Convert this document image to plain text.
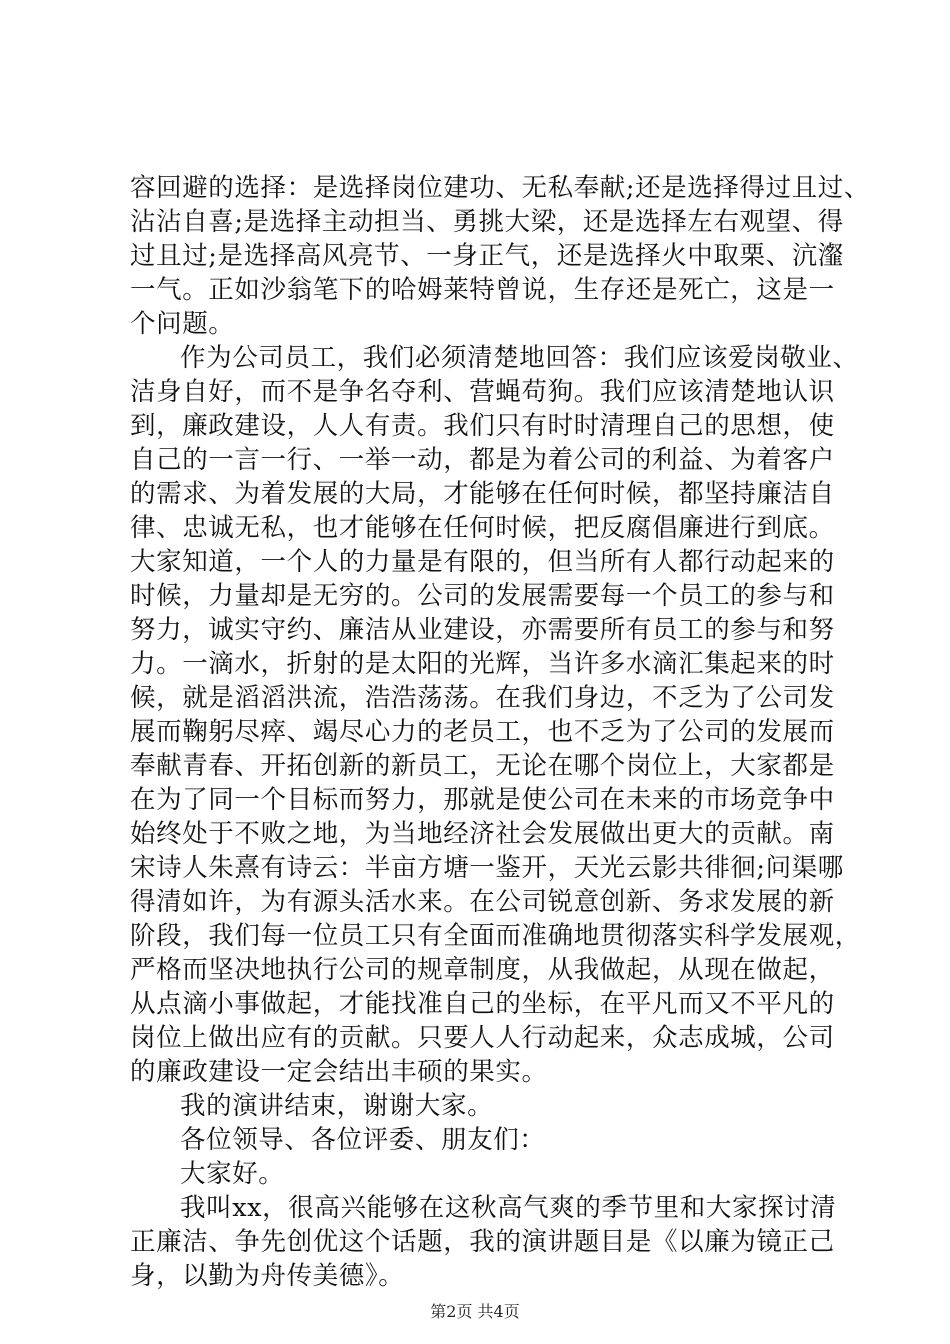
容回避的选择：是选择岗位建功、无私奉献;还是选择得过且过、
沾沾自喜;是选择主动担当、勇挑大梁，还是选择左右观望、得
过且过;是选择高风亮节、一身正气，还是选择火中取栗、沆瀣
一气。正如沙翁笔下的哈姆莱特曾说，生存还是死亡，这是一
个问题。
作为公司员工，我们必须清楚地回答：我们应该爱岗敬业、
洁身自好，而不是争名夺利、营蝇苟狗。我们应该清楚地认识
到，廉政建设，人人有责。我们只有时时清理自己的思想，使
自己的一言一行、一举一动，都是为着公司的利益、为着客户
的需求、为着发展的大局，才能够在任何时候，都坚持廉洁自
律、忠诚无私，也才能够在任何时候，把反腐倡廉进行到底。
大家知道，一个人的力量是有限的，但当所有人都行动起来的
时候，力量却是无穷的。公司的发展需要每一个员工的参与和
努力，诚实守约、廉洁从业建设，亦需要所有员工的参与和努
力。一滴水，折射的是太阳的光辉，当许多水滴汇集起来的时
候，就是滔滔洪流，浩浩荡荡。在我们身边，不乏为了公司发
展而鞠躬尽瘁、竭尽心力的老员工，也不乏为了公司的发展而
奉献青春、开拓创新的新员工，无论在哪个岗位上，大家都是
在为了同一个目标而努力，那就是使公司在未来的市场竞争中
始终处于不败之地，为当地经济社会发展做出更大的贡献。南
宋诗人朱熹有诗云：半亩方塘一鉴开，天光云影共徘徊;问渠哪
得清如许，为有源头活水来。在公司锐意创新、务求发展的新
阶段，我们每一位员工只有全面而准确地贯彻落实科学发展观，
严格而坚决地执行公司的规章制度，从我做起，从现在做起，
从点滴小事做起，才能找准自己的坐标，在平凡而又不平凡的
岗位上做出应有的贡献。只要人人行动起来，众志成城，公司
的廉政建设一定会结出丰硕的果实。
我的演讲结束，谢谢大家。
各位领导、各位评委、朋友们：
大家好。
我叫xx，很高兴能够在这秋高气爽的季节里和大家探讨清
正廉洁、争先创优这个话题，我的演讲题目是《以廉为镜正己
身，以勤为舟传美德》。
第2页 共4页
